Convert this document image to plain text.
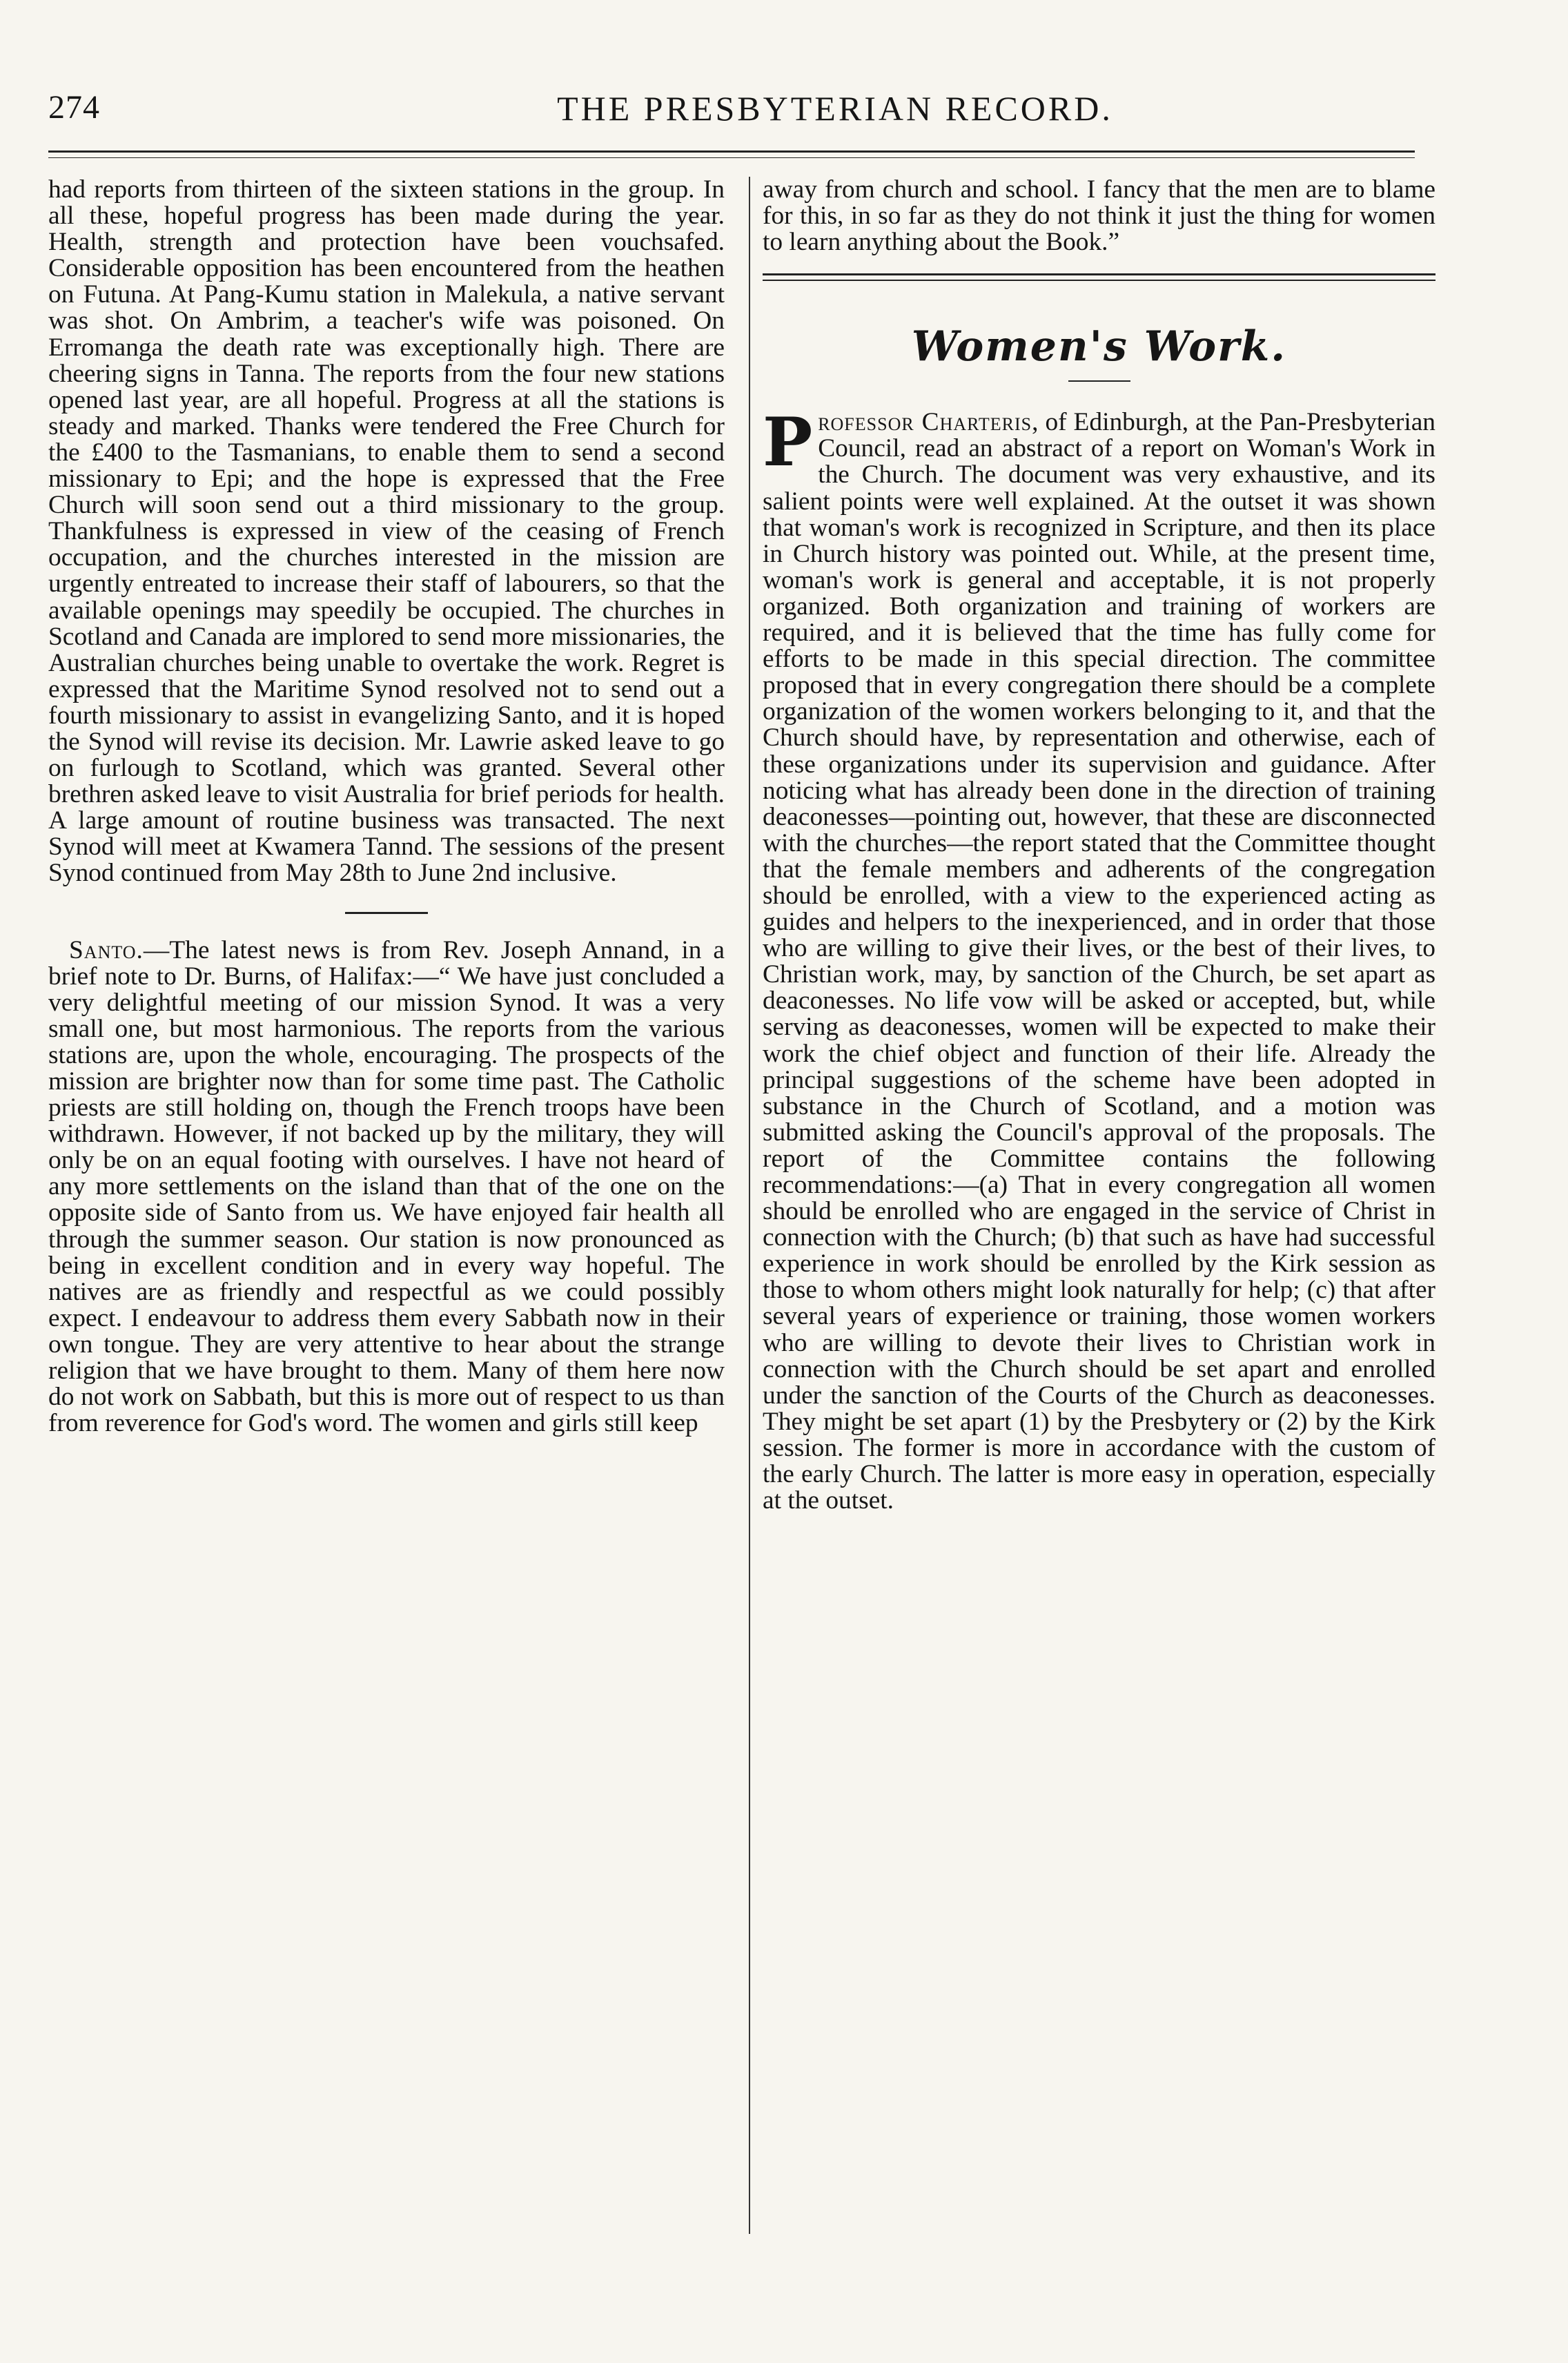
274	THE PRESBYTERIAN RECORD.

had reports from thirteen of the sixteen stations in the group. In all these, hopeful progress has been made during the year. Health, strength and protection have been vouchsafed. Considerable opposition has been encountered from the heathen on Futuna. At Pang-Kumu station in Malekula, a native servant was shot. On Ambrim, a teacher's wife was poisoned. On Erromanga the death rate was exceptionally high. There are cheering signs in Tanna. The reports from the four new stations opened last year, are all hopeful. Progress at all the stations is steady and marked. Thanks were tendered the Free Church for the £400 to the Tasmanians, to enable them to send a second missionary to Epi; and the hope is expressed that the Free Church will soon send out a third missionary to the group. Thankfulness is expressed in view of the ceasing of French occupation, and the churches interested in the mission are urgently entreated to increase their staff of labourers, so that the available openings may speedily be occupied. The churches in Scotland and Canada are implored to send more missionaries, the Australian churches being unable to overtake the work. Regret is expressed that the Maritime Synod resolved not to send out a fourth missionary to assist in evangelizing Santo, and it is hoped the Synod will revise its decision. Mr. Lawrie asked leave to go on furlough to Scotland, which was granted. Several other brethren asked leave to visit Australia for brief periods for health. A large amount of routine business was transacted. The next Synod will meet at Kwamera Tannd. The sessions of the present Synod continued from May 28th to June 2nd inclusive.

Santo.—The latest news is from Rev. Joseph Annand, in a brief note to Dr. Burns, of Halifax:—“ We have just concluded a very delightful meeting of our mission Synod. It was a very small one, but most harmonious. The reports from the various stations are, upon the whole, encouraging. The prospects of the mission are brighter now than for some time past. The Catholic priests are still holding on, though the French troops have been withdrawn. However, if not backed up by the military, they will only be on an equal footing with ourselves. I have not heard of any more settlements on the island than that of the one on the opposite side of Santo from us. We have enjoyed fair health all through the summer season. Our station is now pronounced as being in excellent condition and in every way hopeful. The natives are as friendly and respectful as we could possibly expect. I endeavour to address them every Sabbath now in their own tongue. They are very attentive to hear about the strange religion that we have brought to them. Many of them here now do not work on Sabbath, but this is more out of respect to us than from reverence for God's word. The women and girls still keep

away from church and school. I fancy that the men are to blame for this, in so far as they do not think it just the thing for women to learn anything about the Book.”

Women's Work.

Professor Charteris, of Edinburgh, at the Pan-Presbyterian Council, read an abstract of a report on Woman's Work in the Church. The document was very exhaustive, and its salient points were well explained. At the outset it was shown that woman's work is recognized in Scripture, and then its place in Church history was pointed out. While, at the present time, woman's work is general and acceptable, it is not properly organized. Both organization and training of workers are required, and it is believed that the time has fully come for efforts to be made in this special direction. The committee proposed that in every congregation there should be a complete organization of the women workers belonging to it, and that the Church should have, by representation and otherwise, each of these organizations under its supervision and guidance. After noticing what has already been done in the direction of training deaconesses—pointing out, however, that these are disconnected with the churches—the report stated that the Committee thought that the female members and adherents of the congregation should be enrolled, with a view to the experienced acting as guides and helpers to the inexperienced, and in order that those who are willing to give their lives, or the best of their lives, to Christian work, may, by sanction of the Church, be set apart as deaconesses. No life vow will be asked or accepted, but, while serving as deaconesses, women will be expected to make their work the chief object and function of their life. Already the principal suggestions of the scheme have been adopted in substance in the Church of Scotland, and a motion was submitted asking the Council's approval of the proposals. The report of the Committee contains the following recommendations:—(a) That in every congregation all women should be enrolled who are engaged in the service of Christ in connection with the Church; (b) that such as have had successful experience in work should be enrolled by the Kirk session as those to whom others might look naturally for help; (c) that after several years of experience or training, those women workers who are willing to devote their lives to Christian work in connection with the Church should be set apart and enrolled under the sanction of the Courts of the Church as deaconesses. They might be set apart (1) by the Presbytery or (2) by the Kirk session. The former is more in accordance with the custom of the early Church. The latter is more easy in operation, especially at the outset.
